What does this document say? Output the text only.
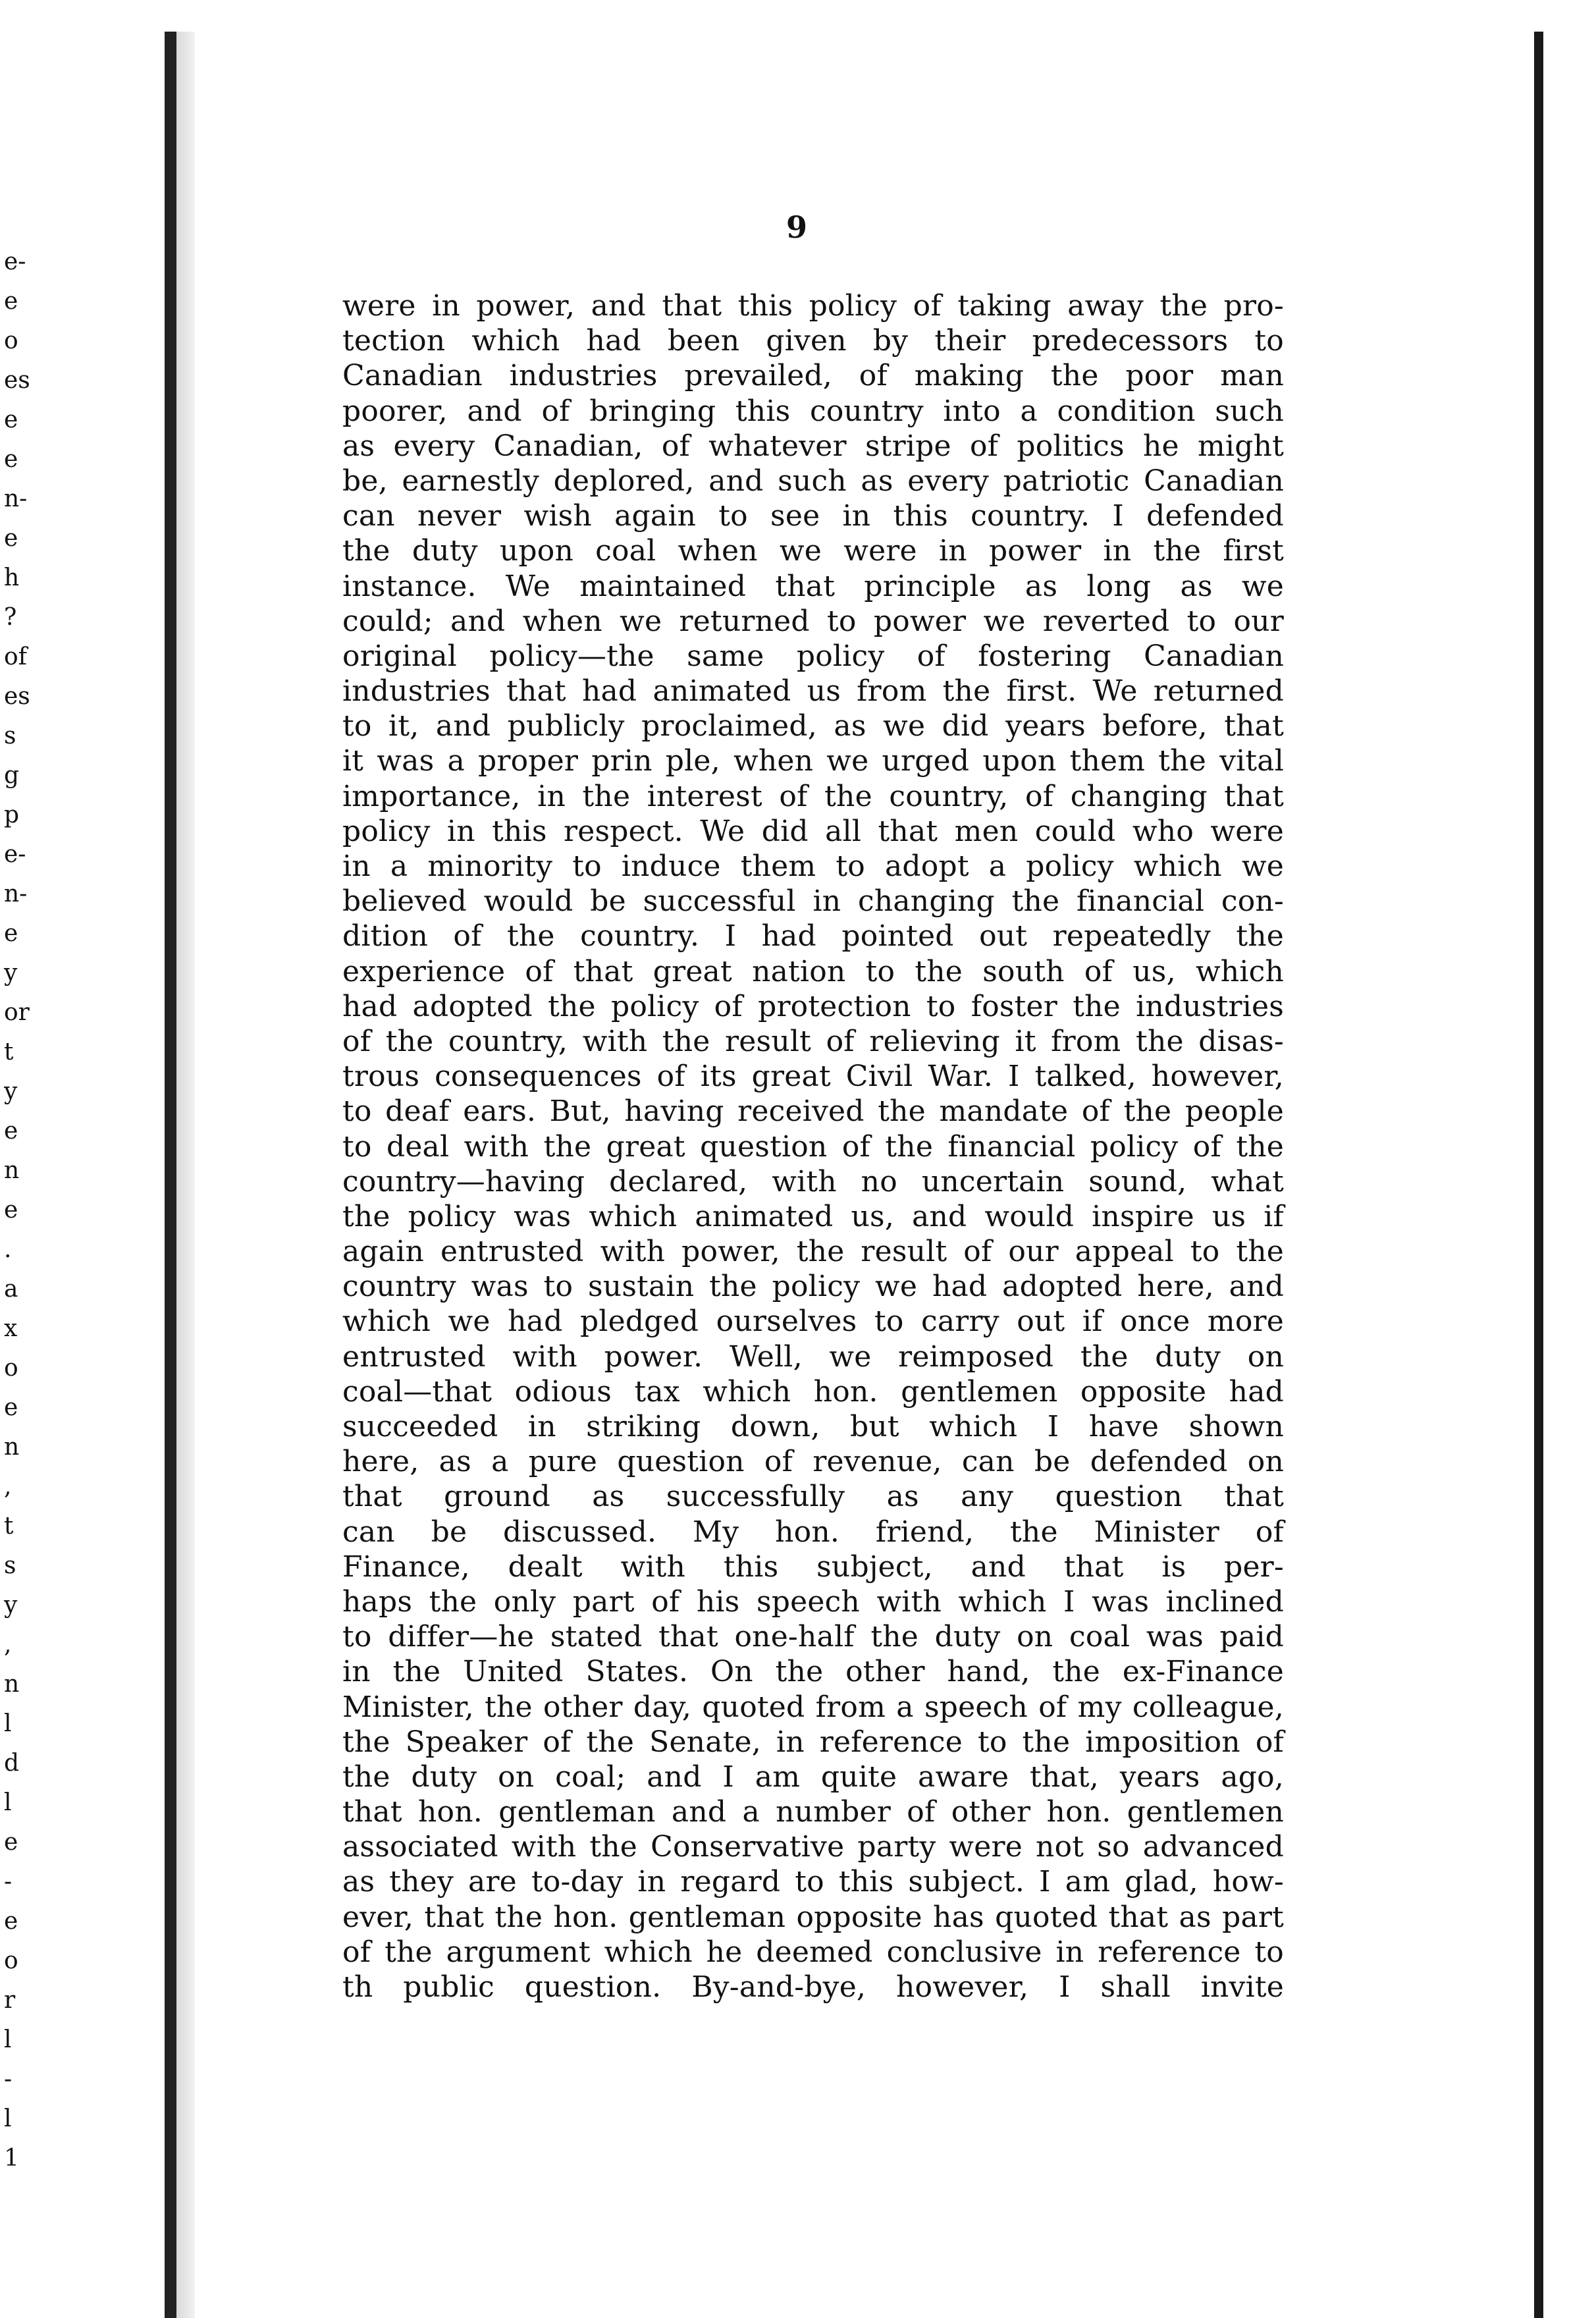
e-
e
o
es
e
e
n-
e
h
?
of
es
s
g
p
e-
n-
e
y
or
t
y
e
n
e
.
a
x
o
e
n
,
t
s
y
,
n
l
d
l
e
-
e
o
r
l
-
l
1
9
were in power, and that this policy of taking away the pro-
tection which had been given by their predecessors to
Canadian industries prevailed, of making the poor man
poorer, and of bringing this country into a condition such
as every Canadian, of whatever stripe of politics he might
be, earnestly deplored, and such as every patriotic Canadian
can never wish again to see in this country. I defended
the duty upon coal when we were in power in the first
instance. We maintained that principle as long as we
could; and when we returned to power we reverted to our
original policy—the same policy of fostering Canadian
industries that had animated us from the first. We returned
to it, and publicly proclaimed, as we did years before, that
it was a proper prin ple, when we urged upon them the vital
importance, in the interest of the country, of changing that
policy in this respect. We did all that men could who were
in a minority to induce them to adopt a policy which we
believed would be successful in changing the financial con-
dition of the country. I had pointed out repeatedly the
experience of that great nation to the south of us, which
had adopted the policy of protection to foster the industries
of the country, with the result of relieving it from the disas-
trous consequences of its great Civil War. I talked, however,
to deaf ears. But, having received the mandate of the people
to deal with the great question of the financial policy of the
country—having declared, with no uncertain sound, what
the policy was which animated us, and would inspire us if
again entrusted with power, the result of our appeal to the
country was to sustain the policy we had adopted here, and
which we had pledged ourselves to carry out if once more
entrusted with power. Well, we reimposed the duty on
coal—that odious tax which hon. gentlemen opposite had
succeeded in striking down, but which I have shown
here, as a pure question of revenue, can be defended on
that ground as successfully as any question that
can be discussed. My hon. friend, the Minister of
Finance, dealt with this subject, and that is per-
haps the only part of his speech with which I was inclined
to differ—he stated that one-half the duty on coal was paid
in the United States. On the other hand, the ex-Finance
Minister, the other day, quoted from a speech of my colleague,
the Speaker of the Senate, in reference to the imposition of
the duty on coal; and I am quite aware that, years ago,
that hon. gentleman and a number of other hon. gentlemen
associated with the Conservative party were not so advanced
as they are to-day in regard to this subject. I am glad, how-
ever, that the hon. gentleman opposite has quoted that as part
of the argument which he deemed conclusive in reference to
th public question. By-and-bye, however, I shall invite
